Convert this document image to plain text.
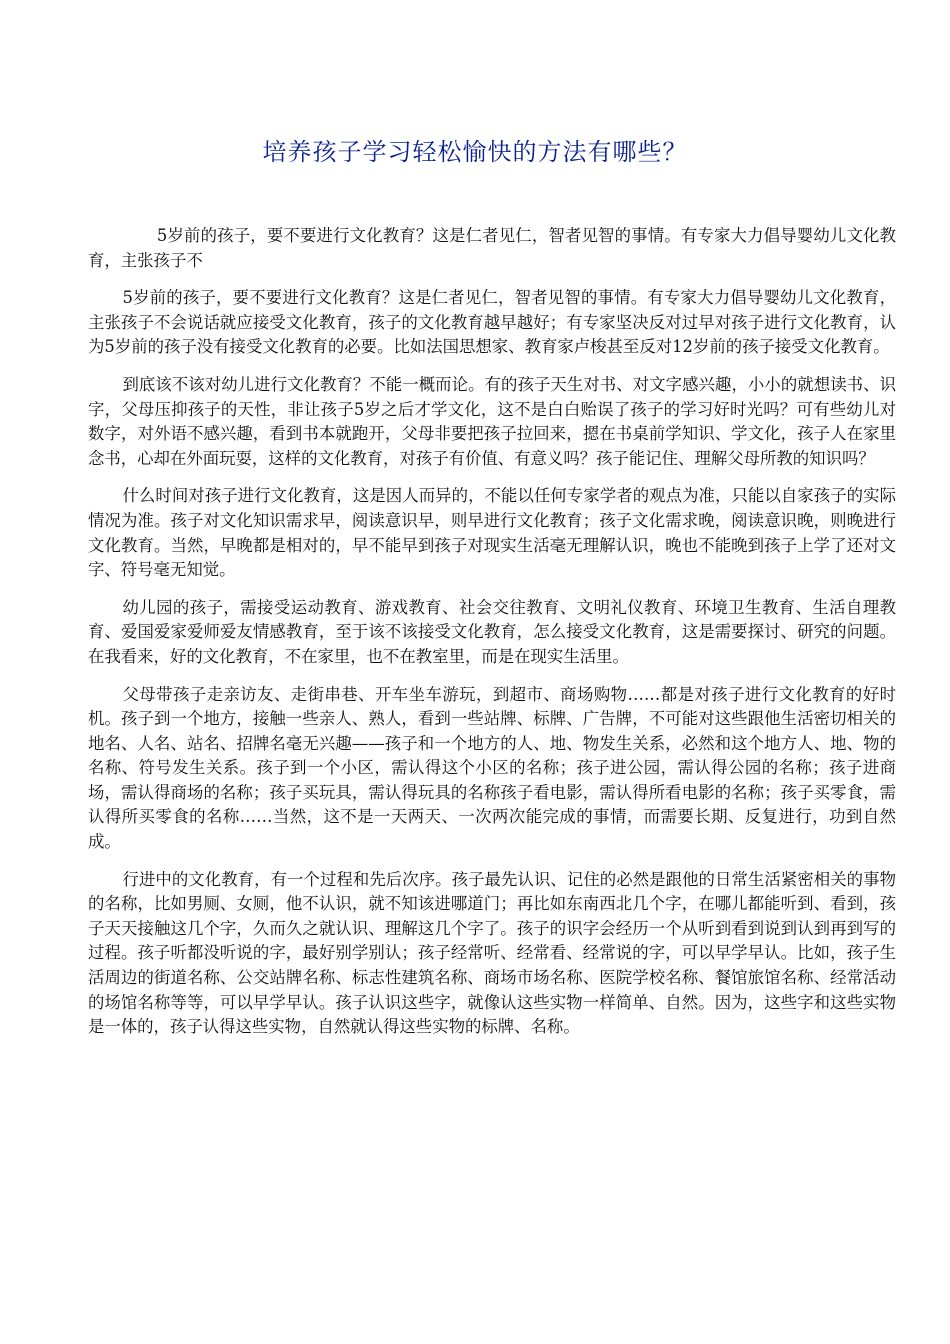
培养孩子学习轻松愉快的方法有哪些？

5岁前的孩子，要不要进行文化教育？这是仁者见仁，智者见智的事情。有专家大力倡导婴幼儿文化教育，主张孩子不

5岁前的孩子，要不要进行文化教育？这是仁者见仁，智者见智的事情。有专家大力倡导婴幼儿文化教育，主张孩子不会说话就应接受文化教育，孩子的文化教育越早越好；有专家坚决反对过早对孩子进行文化教育，认为5岁前的孩子没有接受文化教育的必要。比如法国思想家、教育家卢梭甚至反对12岁前的孩子接受文化教育。

到底该不该对幼儿进行文化教育？不能一概而论。有的孩子天生对书、对文字感兴趣，小小的就想读书、识字，父母压抑孩子的天性，非让孩子5岁之后才学文化，这不是白白贻误了孩子的学习好时光吗？可有些幼儿对数字，对外语不感兴趣，看到书本就跑开，父母非要把孩子拉回来，摁在书桌前学知识、学文化，孩子人在家里念书，心却在外面玩耍，这样的文化教育，对孩子有价值、有意义吗？孩子能记住、理解父母所教的知识吗？

什么时间对孩子进行文化教育，这是因人而异的，不能以任何专家学者的观点为准，只能以自家孩子的实际情况为准。孩子对文化知识需求早，阅读意识早，则早进行文化教育；孩子文化需求晚，阅读意识晚，则晚进行文化教育。当然，早晚都是相对的，早不能早到孩子对现实生活毫无理解认识，晚也不能晚到孩子上学了还对文字、符号毫无知觉。

幼儿园的孩子，需接受运动教育、游戏教育、社会交往教育、文明礼仪教育、环境卫生教育、生活自理教育、爱国爱家爱师爱友情感教育，至于该不该接受文化教育，怎么接受文化教育，这是需要探讨、研究的问题。在我看来，好的文化教育，不在家里，也不在教室里，而是在现实生活里。

父母带孩子走亲访友、走街串巷、开车坐车游玩，到超市、商场购物……都是对孩子进行文化教育的好时机。孩子到一个地方，接触一些亲人、熟人，看到一些站牌、标牌、广告牌，不可能对这些跟他生活密切相关的地名、人名、站名、招牌名毫无兴趣——孩子和一个地方的人、地、物发生关系，必然和这个地方人、地、物的名称、符号发生关系。孩子到一个小区，需认得这个小区的名称；孩子进公园，需认得公园的名称；孩子进商场，需认得商场的名称；孩子买玩具，需认得玩具的名称孩子看电影，需认得所看电影的名称；孩子买零食，需认得所买零食的名称……当然，这不是一天两天、一次两次能完成的事情，而需要长期、反复进行，功到自然成。

行进中的文化教育，有一个过程和先后次序。孩子最先认识、记住的必然是跟他的日常生活紧密相关的事物的名称，比如男厕、女厕，他不认识，就不知该进哪道门；再比如东南西北几个字，在哪儿都能听到、看到，孩子天天接触这几个字，久而久之就认识、理解这几个字了。孩子的识字会经历一个从听到看到说到认到再到写的过程。孩子听都没听说的字，最好别学别认；孩子经常听、经常看、经常说的字，可以早学早认。比如，孩子生活周边的街道名称、公交站牌名称、标志性建筑名称、商场市场名称、医院学校名称、餐馆旅馆名称、经常活动的场馆名称等等，可以早学早认。孩子认识这些字，就像认这些实物一样简单、自然。因为，这些字和这些实物是一体的，孩子认得这些实物，自然就认得这些实物的标牌、名称。
